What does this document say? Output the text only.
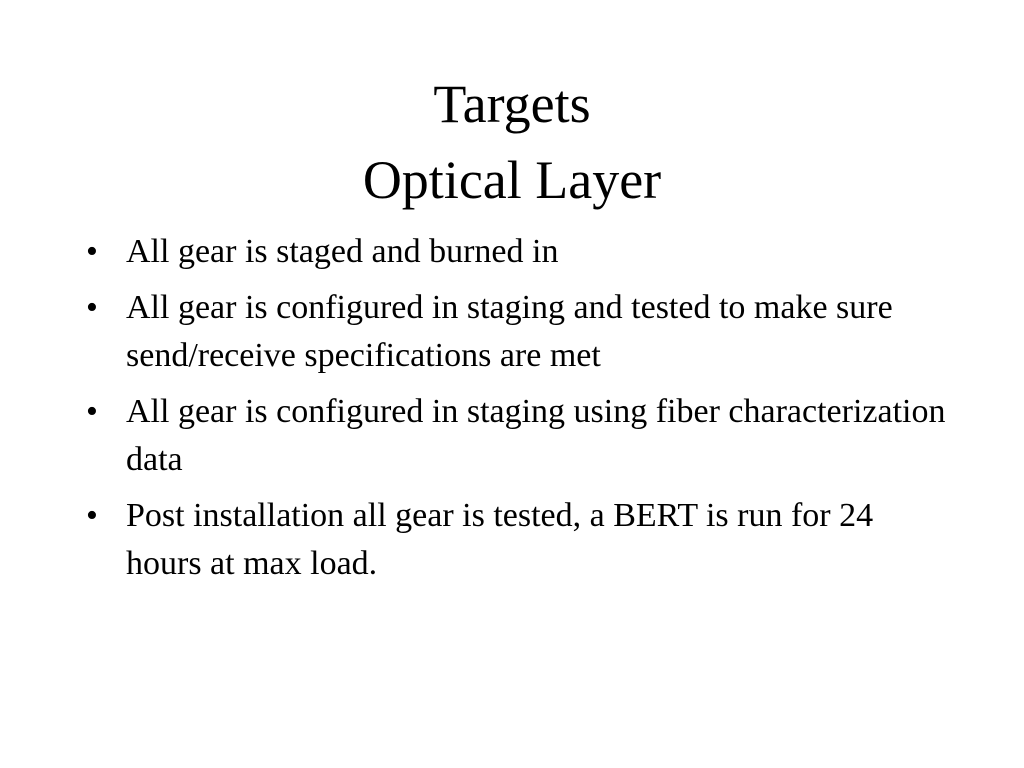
Targets
Optical Layer
• All gear is staged and burned in
• All gear is configured in staging and tested to make sure send/receive specifications are met
• All gear is configured in staging using fiber characterization data
• Post installation all gear is tested, a BERT is run for 24 hours at max load.
